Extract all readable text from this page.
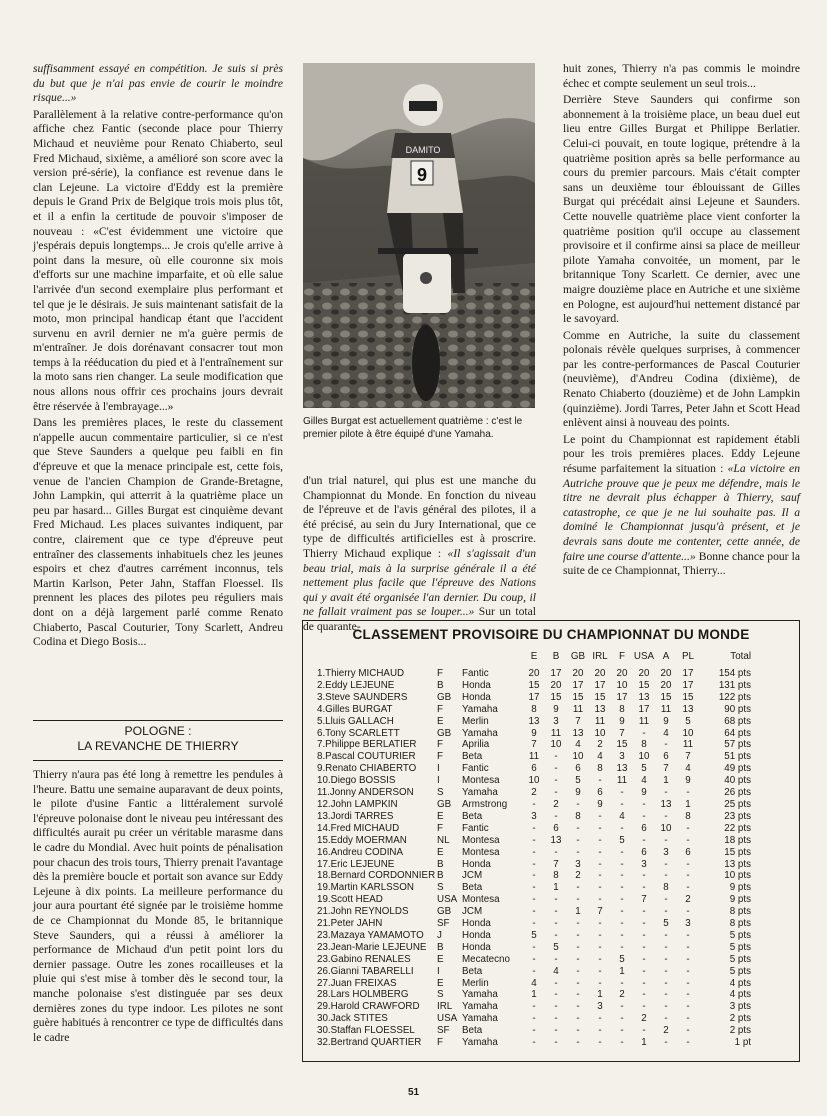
suffisamment essayé en compétition. Je suis si près du but que je n'ai pas envie de courir le moindre risque...»

Parallèlement à la relative contre-performance qu'on affiche chez Fantic (seconde place pour Thierry Michaud et neuvième pour Renato Chiaberto, seul Fred Michaud, sixième, a amélioré son score avec la version pré-série), la confiance est revenue dans le clan Lejeune. La victoire d'Eddy est la première depuis le Grand Prix de Belgique trois mois plus tôt, et il a enfin la certitude de pouvoir s'imposer de nouveau : «C'est évidemment une victoire que j'espérais depuis longtemps... Je crois qu'elle arrive à point dans la mesure, où elle couronne six mois d'efforts sur une machine imparfaite, et où elle salue l'arrivée d'un second exemplaire plus performant et tel que je le désirais. Je suis maintenant satisfait de la moto, mon principal handicap étant que l'accident survenu en avril dernier ne m'a guère permis de m'entraîner. Je dois dorénavant consacrer tout mon temps à la rééducation du pied et à l'entraînement sur la moto sans rien changer. La seule modification que nous allons nous offrir ces prochains jours devrait être réservée à l'embrayage...»

Dans les premières places, le reste du classement n'appelle aucun commentaire particulier, si ce n'est que Steve Saunders a quelque peu faibli en fin d'épreuve et que la menace principale est, cette fois, venue de l'ancien Champion de Grande-Bretagne, John Lampkin, qui atterrit à la quatrième place un peu par hasard... Gilles Burgat est cinquième devant Fred Michaud. Les places suivantes indiquent, par contre, clairement que ce type d'épreuve peut entraîner des classements inhabituels chez les jeunes espoirs et chez d'autres carrément inconnus, tels Martin Karlson, Peter Jahn, Staffan Floessel. Ils prennent les places des pilotes peu réguliers mais dont on a déjà largement parlé comme Renato Chiaberto, Pascal Couturier, Tony Scarlett, Andreu Codina et Diego Bosis...

POLOGNE :
LA REVANCHE DE THIERRY

Thierry n'aura pas été long à remettre les pendules à l'heure. Battu une semaine auparavant de deux points, le pilote d'usine Fantic a littéralement survolé l'épreuve polonaise dont le niveau peu intéressant des difficultés aurait pu créer un véritable marasme dans le cadre du Mondial. Avec huit points de pénalisation pour chacun des trois tours, Thierry prenait l'avantage dès la première boucle et portait son avance sur Eddy Lejeune à dix points. La meilleure performance du jour aura pourtant été signée par le troisième homme de ce Championnat du Monde 85, le britannique Steve Saunders, qui a réussi à améliorer la performance de Michaud d'un petit point lors du dernier passage. Outre les zones rocailleuses et la pluie qui s'est mise à tomber dès le second tour, la manche polonaise s'est distinguée par ses deux dernières zones du type indoor. Les pilotes ne sont guère habitués à rencontrer ce type de difficultés dans le cadre

DAMITO
9
Gilles Burgat est actuellement quatrième : c'est le premier pilote à être équipé d'une Yamaha.

d'un trial naturel, qui plus est une manche du Championnat du Monde. En fonction du niveau de l'épreuve et de l'avis général des pilotes, il a été précisé, au sein du Jury International, que ce type de difficultés artificielles est à proscrire. Thierry Michaud explique : «Il s'agissait d'un beau trial, mais à la surprise générale il a été nettement plus facile que l'épreuve des Nations qui y avait été organisée l'an dernier. Du coup, il ne fallait vraiment pas se louper...» Sur un total de quarante-

huit zones, Thierry n'a pas commis le moindre échec et compte seulement un seul trois...

Derrière Steve Saunders qui confirme son abonnement à la troisième place, un beau duel eut lieu entre Gilles Burgat et Philippe Berlatier. Celui-ci pouvait, en toute logique, prétendre à la quatrième position après sa belle performance au cours du premier parcours. Mais c'était compter sans un deuxième tour éblouissant de Gilles Burgat qui précédait ainsi Lejeune et Saunders. Cette nouvelle quatrième place vient conforter la quatrième position qu'il occupe au classement provisoire et il confirme ainsi sa place de meilleur pilote Yamaha convoitée, un moment, par le britannique Tony Scarlett. Ce dernier, avec une maigre douzième place en Autriche et une sixième en Pologne, est aujourd'hui nettement distancé par le savoyard.

Comme en Autriche, la suite du classement polonais révèle quelques surprises, à commencer par les contre-performances de Pascal Couturier (neuvième), d'Andreu Codina (dixième), de Renato Chiaberto (douzième) et de John Lampkin (quinzième). Jordi Tarres, Peter Jahn et Scott Head enlèvent ainsi à nouveau des points.

Le point du Championnat est rapidement établi pour les trois premières places. Eddy Lejeune résume parfaitement la situation : «La victoire en Autriche prouve que je peux me défendre, mais le titre ne devrait plus échapper à Thierry, sauf catastrophe, ce que je ne lui souhaite pas. Il a dominé le Championnat jusqu'à présent, et je devrais sans doute me contenter, cette année, de faire une course d'attente...» Bonne chance pour la suite de ce Championnat, Thierry...

CLASSEMENT PROVISOIRE DU CHAMPIONNAT DU MONDE
			E	B	GB	IRL	F	USA	A	PL	Total
1.Thierry MICHAUD	F	Fantic	20	17	20	20	20	20	20	17	154 pts
2.Eddy LEJEUNE	B	Honda	15	20	17	17	10	15	20	17	131 pts
3.Steve SAUNDERS	GB	Honda	17	15	15	15	17	13	15	15	122 pts
4.Gilles BURGAT	F	Yamaha	8	9	11	13	8	17	11	13	90 pts
5.Lluis GALLACH	E	Merlin	13	3	7	11	9	11	9	5	68 pts
6.Tony SCARLETT	GB	Yamaha	9	11	13	10	7	-	4	10	64 pts
7.Philippe BERLATIER	F	Aprilia	7	10	4	2	15	8	-	11	57 pts
8.Pascal COUTURIER	F	Beta	11	-	10	4	3	10	6	7	51 pts
9.Renato CHIABERTO	I	Fantic	6	-	6	8	13	5	7	4	49 pts
10.Diego BOSSIS	I	Montesa	10	-	5	-	11	4	1	9	40 pts
11.Jonny ANDERSON	S	Yamaha	2	-	9	6	-	9	-	-	26 pts
12.John LAMPKIN	GB	Armstrong	-	2	-	9	-	-	13	1	25 pts
13.Jordi TARRES	E	Beta	3	-	8	-	4	-	-	8	23 pts
14.Fred MICHAUD	F	Fantic	-	6	-	-	-	6	10	-	22 pts
15.Eddy MOERMAN	NL	Montesa	-	13	-	-	5	-	-	-	18 pts
16.Andreu CODINA	E	Montesa	-	-	-	-	-	6	3	6	15 pts
17.Eric LEJEUNE	B	Honda	-	7	3	-	-	3	-	-	13 pts
18.Bernard CORDONNIER	B	JCM	-	8	2	-	-	-	-	-	10 pts
19.Martin KARLSSON	S	Beta	-	1	-	-	-	-	8	-	9 pts
19.Scott HEAD	USA	Montesa	-	-	-	-	-	7	-	2	9 pts
21.John REYNOLDS	GB	JCM	-	-	1	7	-	-	-	-	8 pts
21.Peter JAHN	SF	Honda	-	-	-	-	-	-	5	3	8 pts
23.Mazaya YAMAMOTO	J	Honda	5	-	-	-	-	-	-	-	5 pts
23.Jean-Marie LEJEUNE	B	Honda	-	5	-	-	-	-	-	-	5 pts
23.Gabino RENALES	E	Mecatecno	-	-	-	-	5	-	-	-	5 pts
26.Gianni TABARELLI	I	Beta	-	4	-	-	1	-	-	-	5 pts
27.Juan FREIXAS	E	Merlin	4	-	-	-	-	-	-	-	4 pts
28.Lars HOLMBERG	S	Yamaha	1	-	-	1	2	-	-	-	4 pts
29.Harold CRAWFORD	IRL	Yamaha	-	-	-	3	-	-	-	-	3 pts
30.Jack STITES	USA	Yamaha	-	-	-	-	-	2	-	-	2 pts
30.Staffan FLOESSEL	SF	Beta	-	-	-	-	-	-	2	-	2 pts
32.Bertrand QUARTIER	F	Yamaha	-	-	-	-	-	1	-	-	1 pt
51
